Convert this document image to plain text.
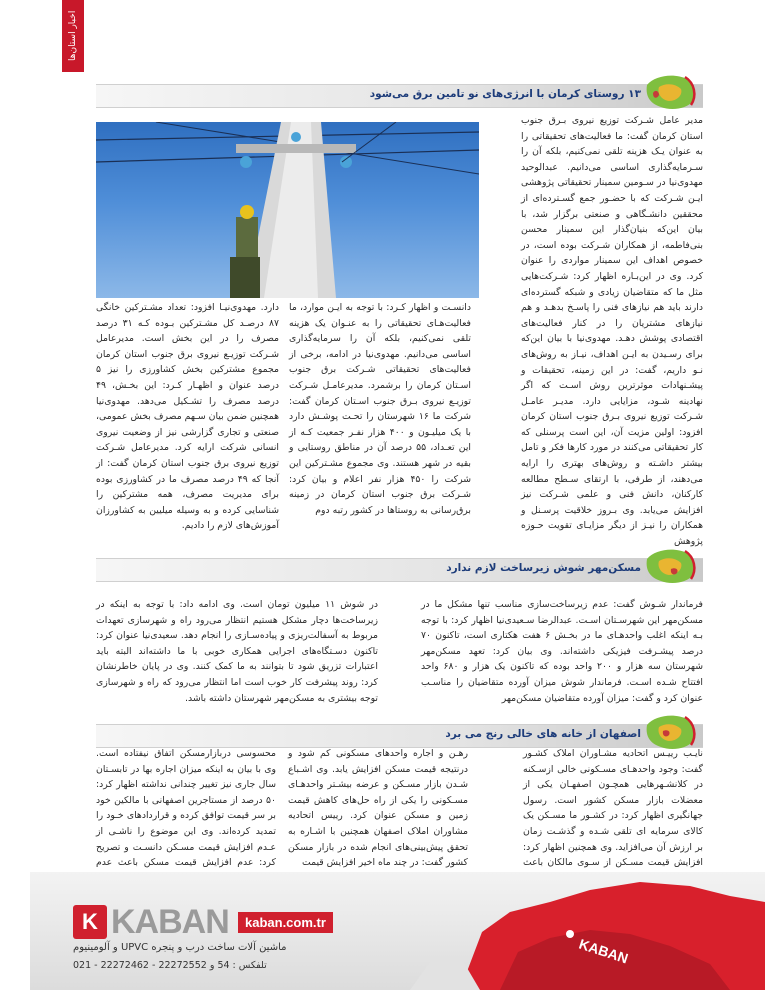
اخبار استان‌ها
۱۳ روستای کرمان با انرژی‌های نو تامین برق می‌شود
مدیر عامل شـرکت توزیع نیروی بـرق جنوب استان کرمان گفت: ما فعالیت‌های تحقیقاتی را به عنوان یـک هزینه تلقی نمی‌کنیم، بلکه آن را سـرمایه‌گذاری اساسی می‌دانیم. عبدالوحید مهدوی‌نیا در سـومین سمینار تحقیقاتی پژوهشی ایـن شـرکت که با حضـور جمع گسـترده‌ای از محققین دانشـگاهی و صنعتی برگزار شد، با بیان این‌که بنیان‌گذار این سمینار محسن بنی‌فاطمه، از همکاران شـرکت بوده است، در خصوص اهداف این سمینار مواردی را عنوان کرد. وی در این‌بـاره اظهار کرد: شـرکت‌هایی مثل ما که متقاضیان زیادی و شبکه گسترده‌ای دارند باید هم نیازهای فنی را پاسـخ بدهـد و هم نیازهای مشتریان را در کنار فعالیت‌های اقتصادی پوشش دهـد. مهدوی‌نیا با بیان این‌که برای رسـیدن به ایـن اهداف، نیـاز به روش‌های نـو داریم، گفت: در این زمینه، تحقیقات و پیشـنهادات موثرترین روش اسـت که اگر نهادینه شـود، مزایایی دارد. مدیـر عامـل شـرکت توزیع نیروی بـرق جنوب استان کرمان افزود: اولین مزیت آن، این است پرسنلی که کار تحقیقاتی می‌کنند در مورد کارها فکر و تامل بیشتر داشـته و روش‌های بهتری را ارایه می‌دهند، از طرفی، با ارتقای سـطح مطالعه کارکنان، دانش فنی و علمی شـرکت نیز افزایش می‌یابد. وی بـروز خلاقیت پرسـنل و همکاران را نیـز از دیگر مزایـای تقویت حـوزه پژوهش
دانسـت و اظهار کـرد: با توجه به ایـن موارد، ما فعالیت‌هـای تحقیقاتی را به عنـوان یک هزینه تلقی نمی‌کنیم، بلکه آن را سرمایه‌گذاری اساسی می‌دانیم. مهدوی‌نیا در ادامه، برخی از فعالیت‌های تحقیقاتی شـرکت برق جنوب اسـتان کرمان را برشمرد. مدیرعامـل شـرکت توزیـع نیروی بـرق جنوب اسـتان کرمان گفت: شرکت ما ۱۶ شهرستان را تحـت پوشـش دارد با یک میلیـون و ۴۰۰ هزار نفـر جمعیت کـه از این تعـداد، ۵۵ درصد آن در مناطق روستایی و بقیه در شهر هستند. وی مجموع مشـترکین این شرکت را ۴۵۰ هزار نفر اعلام و بیان کرد: شـرکت برق جنوب استان کرمان در زمینه برق‌رسانی به روستاها در کشور رتبه دوم
دارد. مهدوی‌نیـا افزود: تعداد مشـترکین خانگی ۸۷ درصـد کل مشـترکین بـوده کـه ۳۱ درصد مصرف را در این بخش است. مدیرعامل شـرکت توزیـع نیروی برق جنوب استان کرمان مجموع مشترکین بخش کشاورزی را نیز ۵ درصد عنوان و اظهـار کـرد: این بخـش، ۴۹ درصد مصرف را تشـکیل می‌دهد. مهدوی‌نیا همچنین ضمن بیان سـهم مصرف بخش عمومی، صنعتی و تجاری گزارشی نیز از وضعیت نیروی انسانی شرکت ارایه کرد. مدیرعامل شـرکت توزیع نیروی برق جنوب استان کرمان گفت: از آنجا که ۴۹ درصد مصرف ما در کشاورزی بوده برای مدیریت مصرف، همه مشترکین را شناسایی کرده و به وسیله میلیین به کشاورزان آموزش‌های لازم را دادیم.
مسکن‌مهر شوش زیرساخت لازم ندارد
فرماندار شـوش گفت: عدم زیرساخت‌سازی مناسب تنها مشکل ما در مسکن‌مهر این شهرسـتان اسـت. عبدالرضا سـعیدی‌نیا اظهار کرد: با توجه بـه اینکه اغلب واحدهـای ما در بخـش ۶ هفت هکتاری است، تاکنون ۷۰ درصد پیشـرفت فیزیکی داشته‌اند. وی بیان کرد: تعهد مسکن‌مهر شهرستان سه هزار و ۲۰۰ واحد بوده که تاکنون یک هزار و ۶۸۰ واحد افتتاح شـده اسـت. فرماندار شوش میزان آورده متقاضیان را مناسـب عنوان کرد و گفت: میزان آورده متقاضیان مسکن‌مهر
در شوش ۱۱ میلیون تومان است. وی ادامه داد: با توجه به اینکه در زیرساخت‌ها دچار مشکل هستیم انتظار می‌رود راه و شهرسازی تعهدات مربوط به آسفالت‌ریزی و پیاده‌سـازی را انجام دهد. سعیدی‌نیا عنوان کرد: تاکنون دسـتگاه‌های اجرایی همکاری خوبی با ما داشته‌اند البته باید اعتبارات تزریق شود تا بتوانند به ما کمک کنند. وی در پایان خاطرنشان کرد: روند پیشرفت کار خوب است اما انتظار می‌رود که راه و شهرسازی توجه بیشتری به مسکن‌مهر شهرستان داشته باشد.
اصفهان از خانه های خالی رنج می برد
نایـب رییـس اتحادیه مشـاوران املاک کشـور گفت: وجود واحدهـای مسـکونی خالی ازسـکنه در کلانشـهرهایی همچـون اصفهـان یکی از معضلات بازار مسکن کشور است. رسول جهانگیری اظهار کرد: در کشـور ما مسـکن یک کالای سرمایه ای تلقی شـده و گذشـت زمان بر ارزش آن می‌افزاید. وی همچنین اظهار کرد: افزایش قیمت مسـکن از سـوی مالکان باعث
رهـن و اجاره واحدهای مسکونی کم شود و درنتیجه قیمت مسکن افزایش یابد. وی اشـباع شـدن بازار مسـکن و عرضه بیشـتر واحدهـای مسـکونی را یکی از راه حل‌های کاهش قیمت زمین و مسکن عنوان کرد. رییس اتحادیه مشاوران املاک اصفهان همچنین با اشـاره به تحقق پیش‌بینی‌های انجام شده در بازار مسکن کشور گفت: در چند ماه اخیر افزایش قیمت
محسوسی دربازارمسکن اتفاق نیفتاده است. وی با بیان به اینکه میزان اجاره بها در تابسـتان سال جاری نیز تغییر چندانی نداشته اظهار کرد: ۵۰ درصد از مستاجرین اصفهانی با مالکین خود بر سر قیمت توافق کرده و قراردادهای خـود را تمدید کرده‌اند. وی این موضوع را ناشـی از عـدم افزایش قیمت مسـکن دانسـت و تصریح کرد: عدم افزایش قیمت مسکن باعث عدم
KABAN
K KABAN	kaban.com.tr
ماشین آلات ساخت درب و پنجره UPVC و آلومینیوم
تلفکس : 54 و 22272552 - 22272462 - 021
